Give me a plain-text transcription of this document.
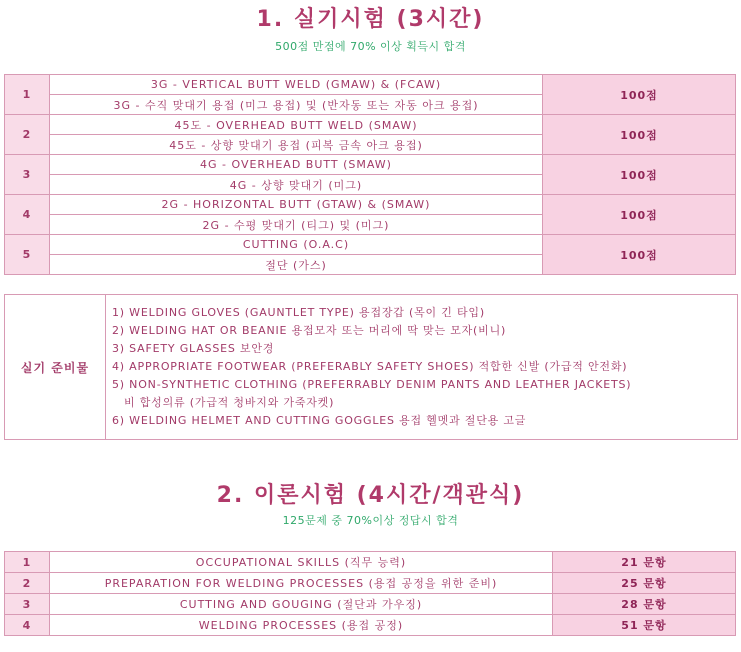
1. 실기시험 (3시간)
500점 만점에 70% 이상 획득시 합격
1	3G - VERTICAL BUTT WELD (GMAW) & (FCAW)	100점
	3G - 수직 맞대기 용접 (미그 용접) 및 (반자동 또는 자동 아크 용접)	
2	45도 - OVERHEAD BUTT WELD (SMAW)	100점
	45도 - 상향 맞대기 용접 (피복 금속 아크 용접)	
3	4G - OVERHEAD BUTT (SMAW)	100점
	4G - 상향 맞대기 (미그)	
4	2G - HORIZONTAL BUTT (GTAW) & (SMAW)	100점
	2G - 수평 맞대기 (티그) 및 (미그)	
5	CUTTING (O.A.C)	100점
	절단 (가스)	
실기 준비물	
1) WELDING GLOVES (GAUNTLET TYPE) 용접장갑 (목이 긴 타입)
2) WELDING HAT OR BEANIE 용접모자 또는 머리에 딱 맞는 모자(비니)
3) SAFETY GLASSES 보안경
4) APPROPRIATE FOOTWEAR (PREFERABLY SAFETY SHOES) 적합한 신발 (가급적 안전화)
5) NON-SYNTHETIC CLOTHING (PREFERRABLY DENIM PANTS AND LEATHER JACKETS)
비 합성의류 (가급적 청바지와 가죽자켓)
6) WELDING HELMET AND CUTTING GOGGLES 용접 헬멧과 절단용 고글
2. 이론시험 (4시간/객관식)
125문제 중 70%이상 정답시 합격
1	OCCUPATIONAL SKILLS (직무 능력)	21 문항
2	PREPARATION FOR WELDING PROCESSES (용접 공정을 위한 준비)	25 문항
3	CUTTING AND GOUGING (절단과 가우징)	28 문항
4	WELDING PROCESSES (용접 공정)	51 문항
